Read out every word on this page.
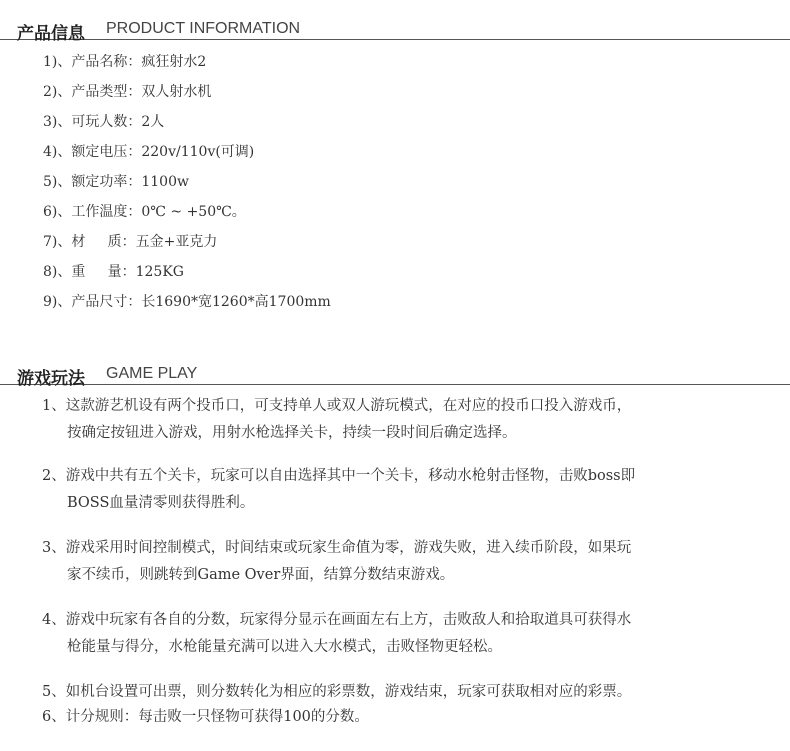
产品信息 PRODUCT INFORMATION
1)、产品名称：疯狂射水2
2)、产品类型：双人射水机
3)、可玩人数：2人
4)、额定电压：220v/110v(可调)
5)、额定功率：1100w
6)、工作温度：0℃ ~ +50℃。
7)、材     质：五金+亚克力
8)、重     量：125KG
9)、产品尺寸：长1690*宽1260*高1700mm
游戏玩法 GAME PLAY
1、这款游艺机设有两个投币口，可支持单人或双人游玩模式，在对应的投币口投入游戏币，
按确定按钮进入游戏，用射水枪选择关卡，持续一段时间后确定选择。
2、游戏中共有五个关卡，玩家可以自由选择其中一个关卡，移动水枪射击怪物，击败boss即
BOSS血量清零则获得胜利。
3、游戏采用时间控制模式，时间结束或玩家生命值为零，游戏失败，进入续币阶段，如果玩
家不续币，则跳转到Game Over界面，结算分数结束游戏。
4、游戏中玩家有各自的分数，玩家得分显示在画面左右上方，击败敌人和拾取道具可获得水
枪能量与得分，水枪能量充满可以进入大水模式，击败怪物更轻松。
5、如机台设置可出票，则分数转化为相应的彩票数，游戏结束，玩家可获取相对应的彩票。
6、计分规则：每击败一只怪物可获得100的分数。
